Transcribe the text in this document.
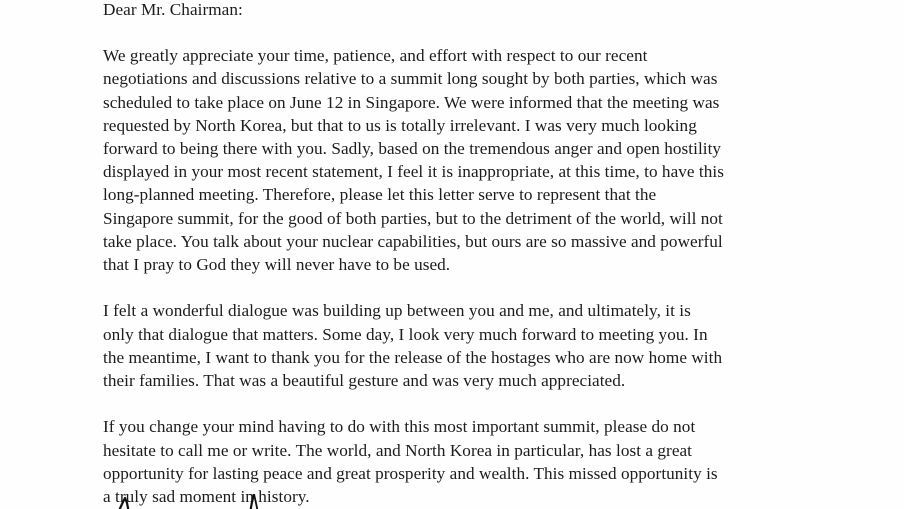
Dear Mr. Chairman:
We greatly appreciate your time, patience, and effort with respect to our recent
negotiations and discussions relative to a summit long sought by both parties, which was
scheduled to take place on June 12 in Singapore. We were informed that the meeting was
requested by North Korea, but that to us is totally irrelevant. I was very much looking
forward to being there with you. Sadly, based on the tremendous anger and open hostility
displayed in your most recent statement, I feel it is inappropriate, at this time, to have this
long-planned meeting. Therefore, please let this letter serve to represent that the
Singapore summit, for the good of both parties, but to the detriment of the world, will not
take place. You talk about your nuclear capabilities, but ours are so massive and powerful
that I pray to God they will never have to be used.
I felt a wonderful dialogue was building up between you and me, and ultimately, it is
only that dialogue that matters. Some day, I look very much forward to meeting you. In
the meantime, I want to thank you for the release of the hostages who are now home with
their families. That was a beautiful gesture and was very much appreciated.
If you change your mind having to do with this most important summit, please do not
hesitate to call me or write. The world, and North Korea in particular, has lost a great
opportunity for lasting peace and great prosperity and wealth. This missed opportunity is
a truly sad moment in history.
